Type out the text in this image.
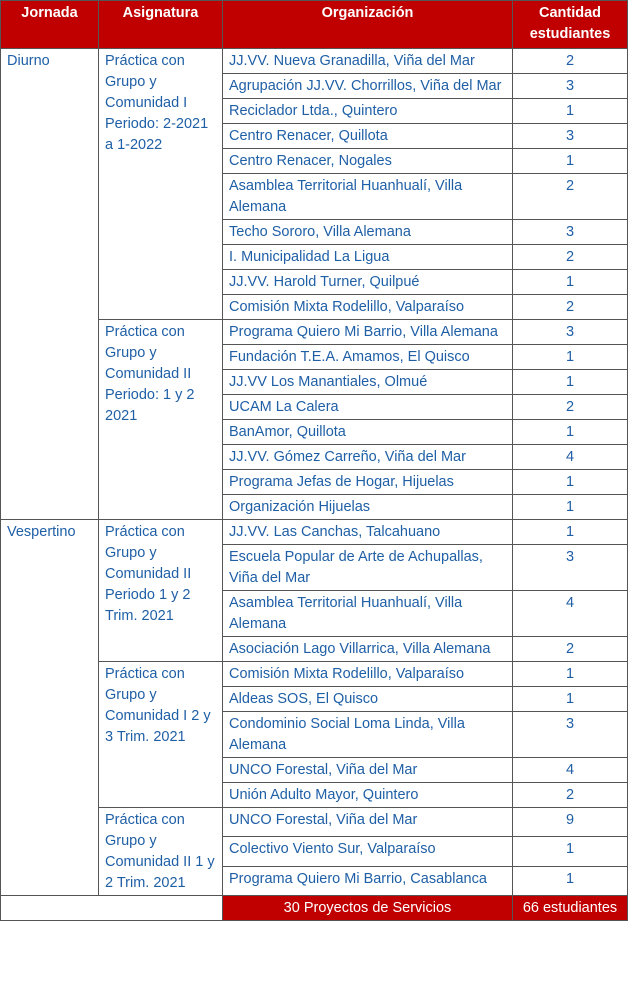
Jornada	Asignatura	Organización	Cantidad estudiantes
Diurno	Práctica con Grupo y Comunidad I Periodo: 2-2021 a 1-2022	JJ.VV. Nueva Granadilla, Viña del Mar	2
		Agrupación JJ.VV. Chorrillos, Viña del Mar	3
		Reciclador Ltda., Quintero	1
		Centro Renacer, Quillota	3
		Centro Renacer, Nogales	1
		Asamblea Territorial Huanhualí, Villa Alemana	2
		Techo Sororo, Villa Alemana	3
		I. Municipalidad La Ligua	2
		JJ.VV. Harold Turner, Quilpué	1
		Comisión Mixta Rodelillo, Valparaíso	2
	Práctica con Grupo y Comunidad II Periodo: 1 y 2 2021	Programa Quiero Mi Barrio, Villa Alemana	3
		Fundación T.E.A. Amamos, El Quisco	1
		JJ.VV Los Manantiales, Olmué	1
		UCAM La Calera	2
		BanAmor, Quillota	1
		JJ.VV. Gómez Carreño, Viña del Mar	4
		Programa Jefas de Hogar, Hijuelas	1
		Organización Hijuelas	1
Vespertino	Práctica con Grupo y Comunidad II Periodo 1 y 2 Trim. 2021	JJ.VV. Las Canchas, Talcahuano	1
		Escuela Popular de Arte de Achupallas, Viña del Mar	3
		Asamblea Territorial Huanhualí, Villa Alemana	4
		Asociación Lago Villarrica, Villa Alemana	2
	Práctica con Grupo y Comunidad I 2 y 3 Trim. 2021	Comisión Mixta Rodelillo, Valparaíso	1
		Aldeas SOS, El Quisco	1
		Condominio Social Loma Linda, Villa Alemana	3
		UNCO Forestal, Viña del Mar	4
		Unión Adulto Mayor, Quintero	2
	Práctica con Grupo y Comunidad II 1 y 2 Trim. 2021	UNCO Forestal, Viña del Mar	9
		Colectivo Viento Sur, Valparaíso	1
		Programa Quiero Mi Barrio, Casablanca	1
		30 Proyectos de Servicios	66 estudiantes
